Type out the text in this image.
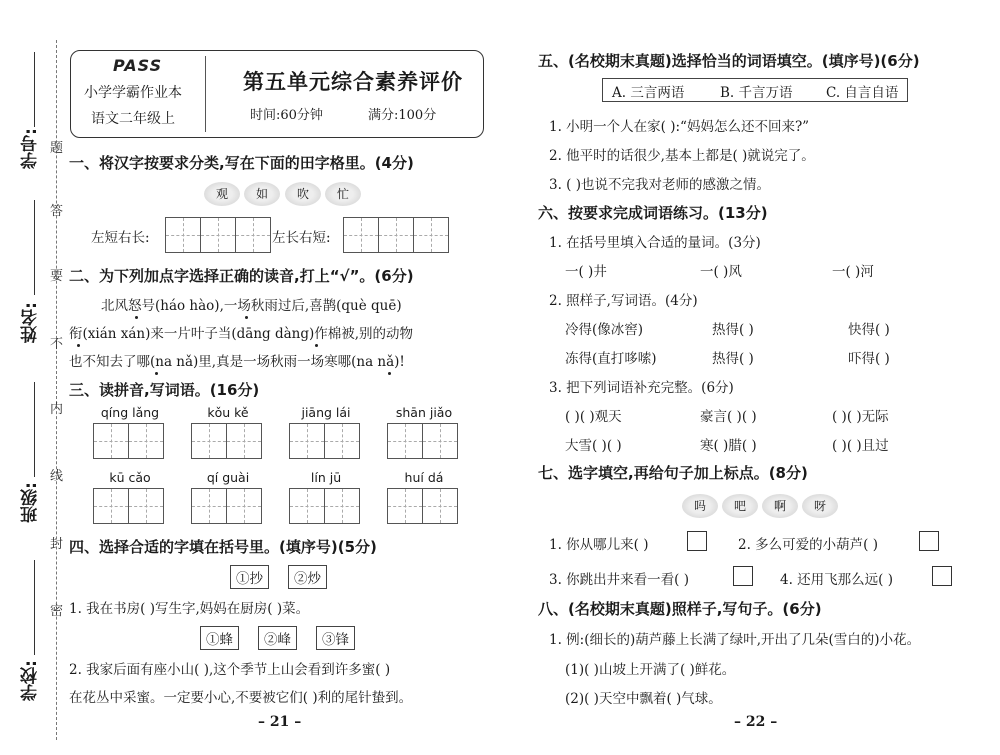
学号:
姓名:
班级:
学校:
题
答
要
不
内
线
封
密
PASS
小学学霸作业本
语文二年级上
第五单元综合素养评价
时间:60分钟	满分:100分
一、将汉字按要求分类,写在下面的田字格里。(4分)
观	如	吹	忙
左短右长:	左长右短:
二、为下列加点字选择正确的读音,打上“√”。(6分)
北风怒号(háo hào),一场秋雨过后,喜鹊(què quē)
衔(xián xán)来一片叶子当(dāng dàng)作棉被,别的动物
也不知去了哪(na nǎ)里,真是一场秋雨一场寒哪(na nǎ)!
三、读拼音,写词语。(16分)
qíng lǎng	kǒu kě	jiāng lái	shān jiǎo
kū cǎo	qí guài	lín jū	huí dá
四、选择合适的字填在括号里。(填序号)(5分)
①抄	②炒
1. 我在书房( )写生字,妈妈在厨房( )菜。
①蜂	②峰	③锋
2. 我家后面有座小山( ),这个季节上山会看到许多蜜( )
在花丛中采蜜。一定要小心,不要被它们( )利的尾针蛰到。
– 21 –
五、(名校期末真题)选择恰当的词语填空。(填序号)(6分)
A. 三言两语	B. 千言万语 C. 自言自语
1. 小明一个人在家( ):“妈妈怎么还不回来?”
2. 他平时的话很少,基本上都是( )就说完了。
3. ( )也说不完我对老师的感激之情。
六、按要求完成词语练习。(13分)
1. 在括号里填入合适的量词。(3分)
一( )井	一( )风	一( )河
2. 照样子,写词语。(4分)
冷得(像冰窖)	热得( )	快得( )
冻得(直打哆嗦)	热得( )	吓得( )
3. 把下列词语补充完整。(6分)
( )( )观天	豪言( )( )	( )( )无际
大雪( )( )	寒( )腊( )	( )( )且过
七、选字填空,再给句子加上标点。(8分)
吗	吧	啊	呀
1. 你从哪儿来( )	2. 多么可爱的小葫芦( )
3. 你跳出井来看一看( )	4. 还用飞那么远( )
八、(名校期末真题)照样子,写句子。(6分)
1. 例:(细长的)葫芦藤上长满了绿叶,开出了几朵(雪白的)小花。
(1)( )山坡上开满了( )鲜花。
(2)( )天空中飘着( )气球。
– 22 –
